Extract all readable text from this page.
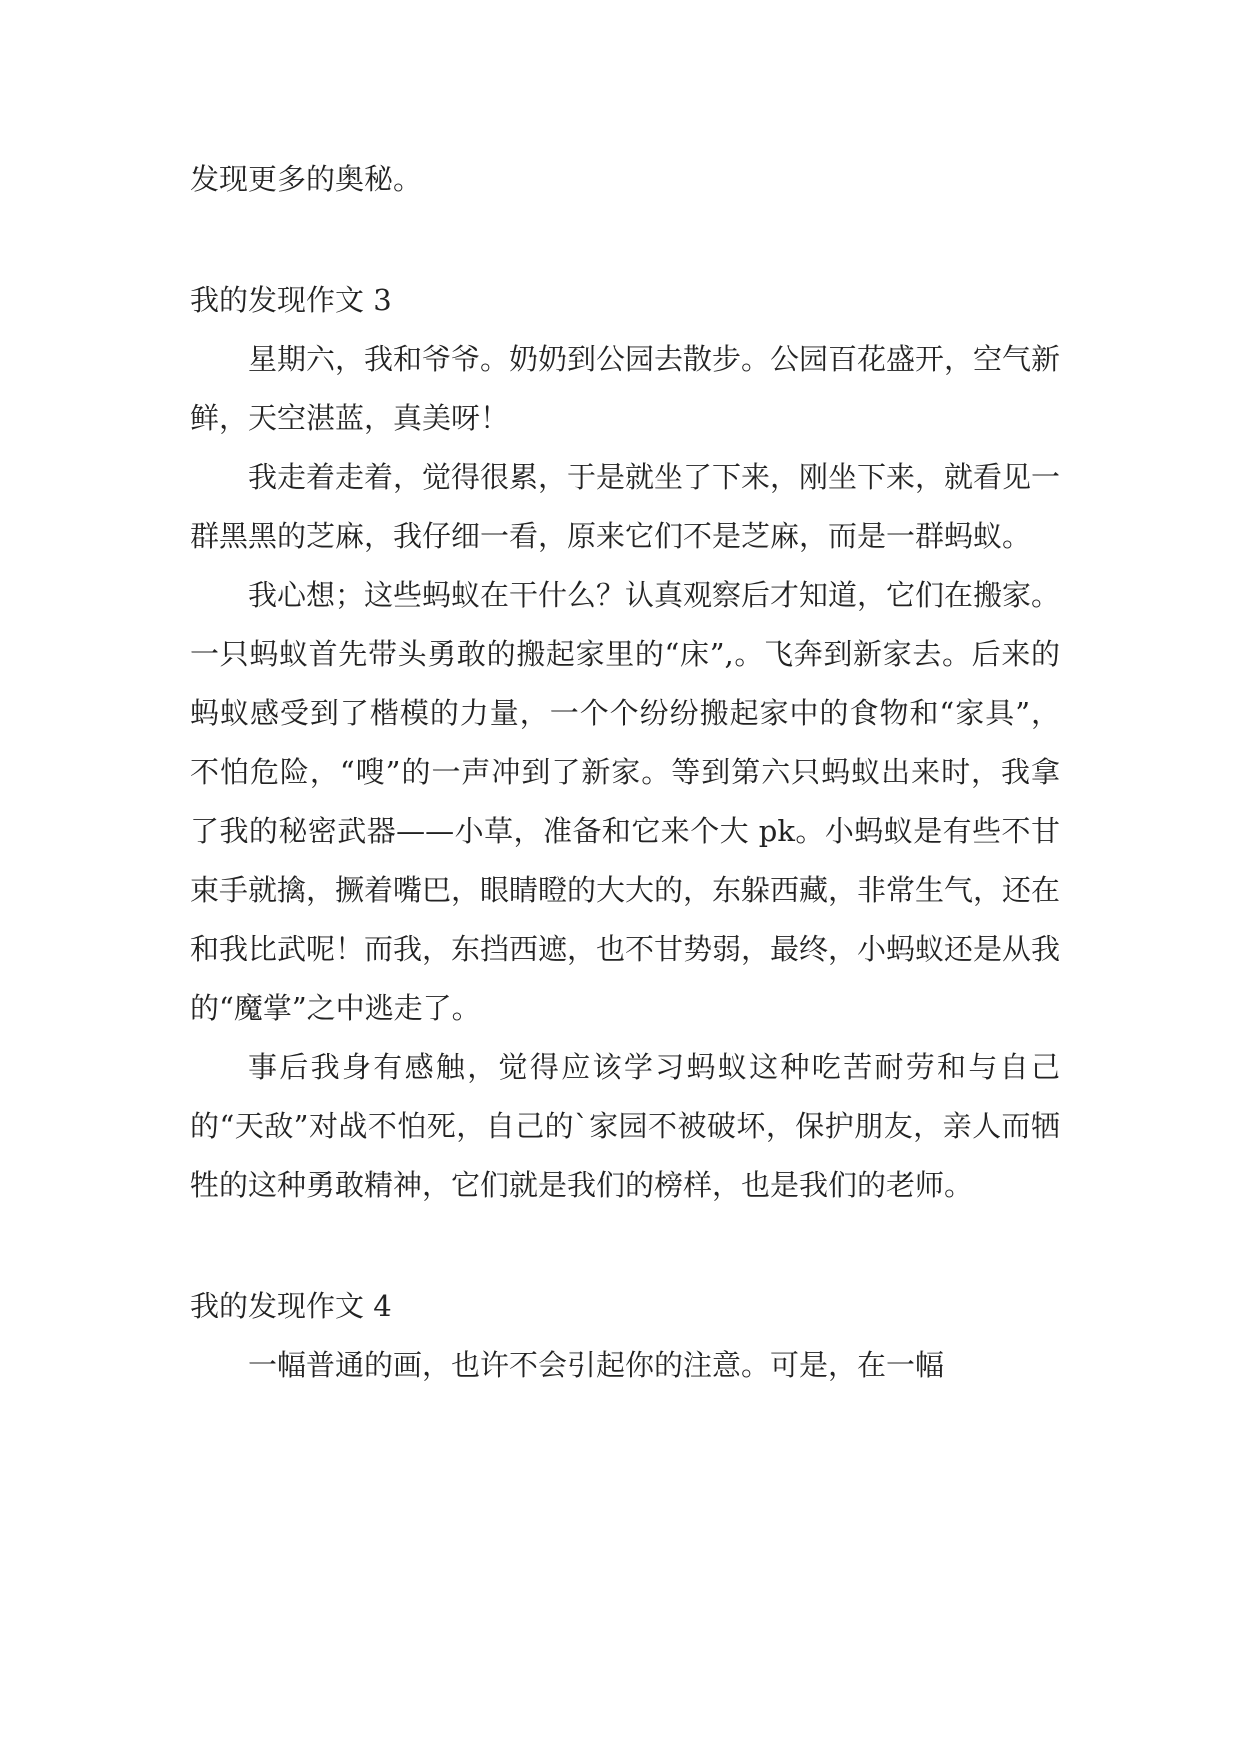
发现更多的奥秘。

我的发现作文 3

星期六，我和爷爷。奶奶到公园去散步。公园百花盛开，空气新鲜，天空湛蓝，真美呀！

我走着走着，觉得很累，于是就坐了下来，刚坐下来，就看见一群黑黑的芝麻，我仔细一看，原来它们不是芝麻，而是一群蚂蚁。

我心想；这些蚂蚁在干什么？认真观察后才知道，它们在搬家。一只蚂蚁首先带头勇敢的搬起家里的“床”,。飞奔到新家去。后来的蚂蚁感受到了楷模的力量，一个个纷纷搬起家中的食物和“家具”，不怕危险，“嗖”的一声冲到了新家。等到第六只蚂蚁出来时，我拿了我的秘密武器——小草，准备和它来个大 pk。小蚂蚁是有些不甘束手就擒，撅着嘴巴，眼睛瞪的大大的，东躲西藏，非常生气，还在和我比武呢！而我，东挡西遮，也不甘势弱，最终，小蚂蚁还是从我的“魔掌”之中逃走了。

事后我身有感触，觉得应该学习蚂蚁这种吃苦耐劳和与自己的“天敌”对战不怕死，自己的`家园不被破坏，保护朋友，亲人而牺牲的这种勇敢精神，它们就是我们的榜样，也是我们的老师。

我的发现作文 4

一幅普通的画，也许不会引起你的注意。可是，在一幅
